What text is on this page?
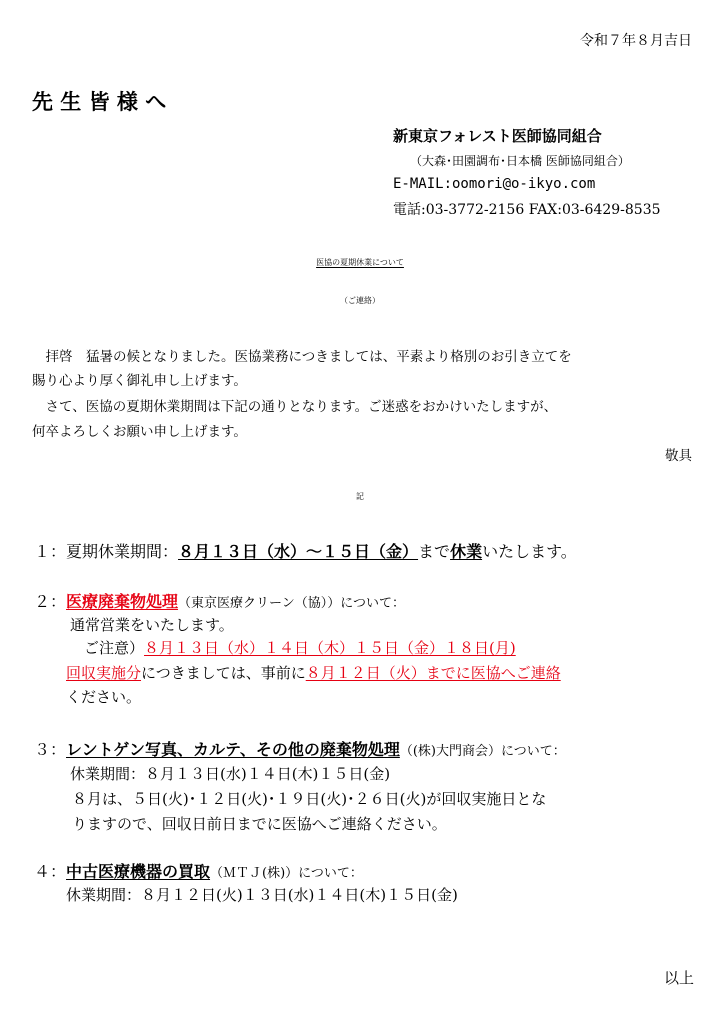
令和７年８月吉日
先 生 皆 様 へ
新東京フォレスト医師協同組合
（大森･田園調布･日本橋 医師協同組合）
E-MAIL:oomori@o-ikyo.com
電話:03-3772-2156 FAX:03-6429-8535
医協の夏期休業について
（ご連絡）
　拝啓　猛暑の候となりました。医協業務につきましては、平素より格別のお引き立てを
賜り心より厚く御礼申し上げます。
　さて、医協の夏期休業期間は下記の通りとなります。ご迷惑をおかけいたしますが、
何卒よろしくお願い申し上げます。
敬具
記
１：夏期休業期間：８月１３日（水）～１５日（金）まで休業いたします。
２：医療廃棄物処理（東京医療クリーン（協））について：
通常営業をいたします。
ご注意）８月１３日（水）１４日（木）１５日（金）１８日(月)
回収実施分につきましては、事前に８月１２日（火）までに医協へご連絡
ください。
３：レントゲン写真、カルテ、その他の廃棄物処理（(株)大門商会）について：
休業期間：８月１３日(水)１４日(木)１５日(金)
８月は、５日(火)･１２日(火)･１９日(火)･２６日(火)が回収実施日とな
りますので、回収日前日までに医協へご連絡ください。
４：中古医療機器の買取（ＭＴＪ(株)）について：
休業期間：８月１２日(火)１３日(水)１４日(木)１５日(金)
以上
